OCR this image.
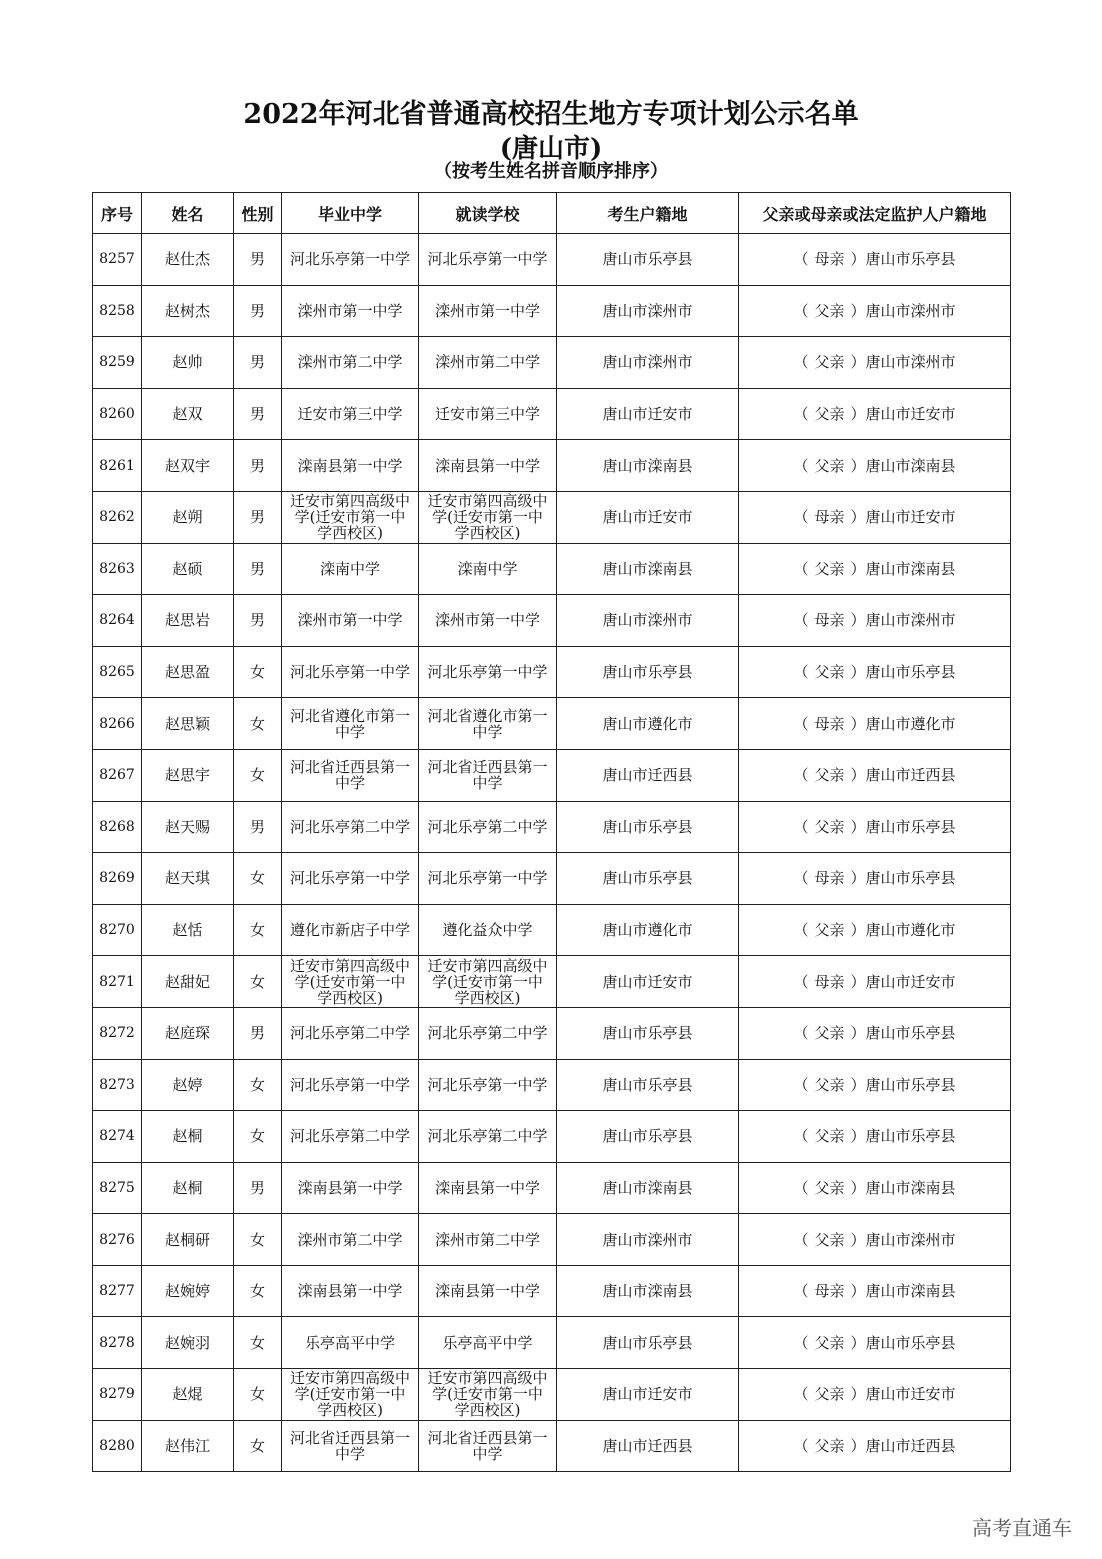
2022年河北省普通高校招生地方专项计划公示名单
(唐山市)
（按考生姓名拼音顺序排序）
序号	姓名	性别	毕业中学	就读学校	考生户籍地	父亲或母亲或法定监护人户籍地
8257	赵仕杰	男	河北乐亭第一中学	河北乐亭第一中学	唐山市乐亭县	（ 母亲 ）唐山市乐亭县
8258	赵树杰	男	滦州市第一中学	滦州市第一中学	唐山市滦州市	（ 父亲 ）唐山市滦州市
8259	赵帅	男	滦州市第二中学	滦州市第二中学	唐山市滦州市	（ 父亲 ）唐山市滦州市
8260	赵双	男	迁安市第三中学	迁安市第三中学	唐山市迁安市	（ 父亲 ）唐山市迁安市
8261	赵双宇	男	滦南县第一中学	滦南县第一中学	唐山市滦南县	（ 父亲 ）唐山市滦南县
8262	赵朔	男	迁安市第四高级中学(迁安市第一中学西校区)	迁安市第四高级中学(迁安市第一中学西校区)	唐山市迁安市	（ 母亲 ）唐山市迁安市
8263	赵硕	男	滦南中学	滦南中学	唐山市滦南县	（ 父亲 ）唐山市滦南县
8264	赵思岩	男	滦州市第一中学	滦州市第一中学	唐山市滦州市	（ 母亲 ）唐山市滦州市
8265	赵思盈	女	河北乐亭第一中学	河北乐亭第一中学	唐山市乐亭县	（ 父亲 ）唐山市乐亭县
8266	赵思颖	女	河北省遵化市第一中学	河北省遵化市第一中学	唐山市遵化市	（ 母亲 ）唐山市遵化市
8267	赵思宇	女	河北省迁西县第一中学	河北省迁西县第一中学	唐山市迁西县	（ 父亲 ）唐山市迁西县
8268	赵天赐	男	河北乐亭第二中学	河北乐亭第二中学	唐山市乐亭县	（ 父亲 ）唐山市乐亭县
8269	赵天琪	女	河北乐亭第一中学	河北乐亭第一中学	唐山市乐亭县	（ 母亲 ）唐山市乐亭县
8270	赵恬	女	遵化市新店子中学	遵化益众中学	唐山市遵化市	（ 父亲 ）唐山市遵化市
8271	赵甜妃	女	迁安市第四高级中学(迁安市第一中学西校区)	迁安市第四高级中学(迁安市第一中学西校区)	唐山市迁安市	（ 母亲 ）唐山市迁安市
8272	赵庭琛	男	河北乐亭第二中学	河北乐亭第二中学	唐山市乐亭县	（ 父亲 ）唐山市乐亭县
8273	赵婷	女	河北乐亭第一中学	河北乐亭第一中学	唐山市乐亭县	（ 父亲 ）唐山市乐亭县
8274	赵桐	女	河北乐亭第二中学	河北乐亭第二中学	唐山市乐亭县	（ 父亲 ）唐山市乐亭县
8275	赵桐	男	滦南县第一中学	滦南县第一中学	唐山市滦南县	（ 父亲 ）唐山市滦南县
8276	赵桐研	女	滦州市第二中学	滦州市第二中学	唐山市滦州市	（ 父亲 ）唐山市滦州市
8277	赵婉婷	女	滦南县第一中学	滦南县第一中学	唐山市滦南县	（ 母亲 ）唐山市滦南县
8278	赵婉羽	女	乐亭高平中学	乐亭高平中学	唐山市乐亭县	（ 父亲 ）唐山市乐亭县
8279	赵焜	女	迁安市第四高级中学(迁安市第一中学西校区)	迁安市第四高级中学(迁安市第一中学西校区)	唐山市迁安市	（ 父亲 ）唐山市迁安市
8280	赵伟江	女	河北省迁西县第一中学	河北省迁西县第一中学	唐山市迁西县	（ 父亲 ）唐山市迁西县
高考直通车
